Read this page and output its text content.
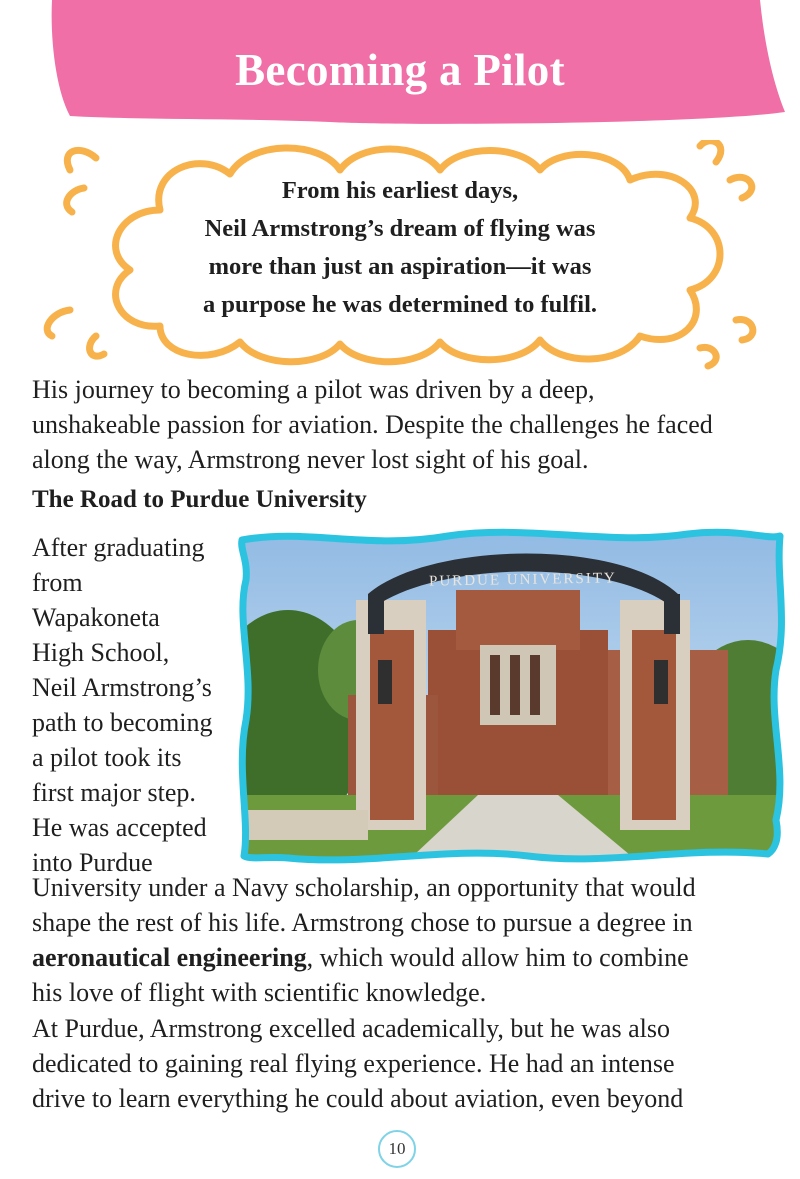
Becoming a Pilot
From his earliest days,
Neil Armstrong’s dream of flying was
more than just an aspiration—it was
a purpose he was determined to fulfil.
His journey to becoming a pilot was driven by a deep,
unshakeable passion for aviation. Despite the challenges he faced
along the way, Armstrong never lost sight of his goal.
The Road to Purdue University
After graduating
from
Wapakoneta
High School,
Neil Armstrong’s
path to becoming
a pilot took its
first major step.
He was accepted
into Purdue
PURDUE UNIVERSITY
University under a Navy scholarship, an opportunity that would
shape the rest of his life. Armstrong chose to pursue a degree in
aeronautical engineering, which would allow him to combine
his love of flight with scientific knowledge.
At Purdue, Armstrong excelled academically, but he was also
dedicated to gaining real flying experience. He had an intense
drive to learn everything he could about aviation, even beyond
10
